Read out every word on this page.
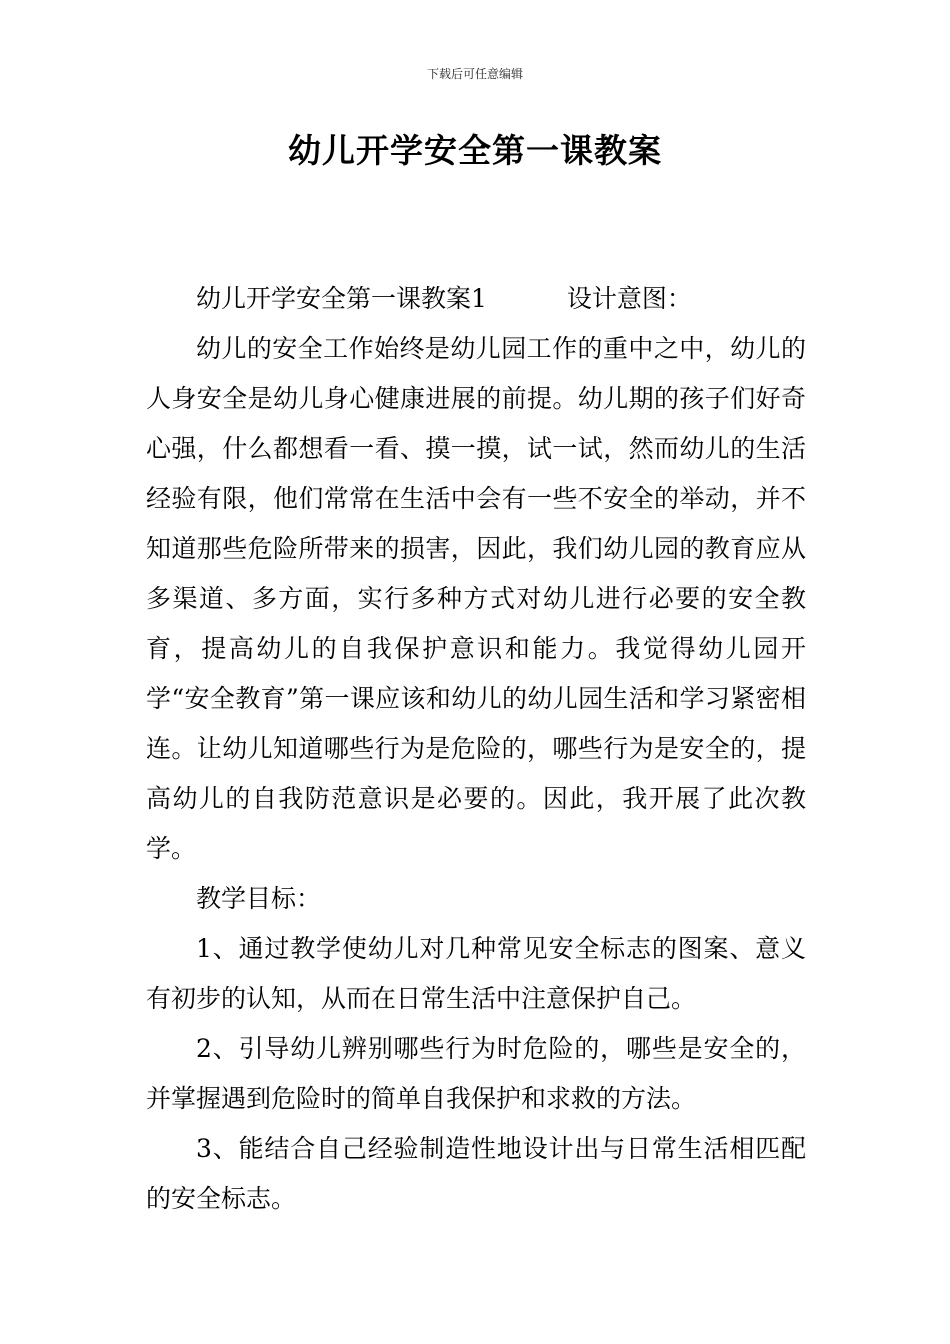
下载后可任意编辑
幼儿开学安全第一课教案

幼儿开学安全第一课教案1	设计意图：

幼儿的安全工作始终是幼儿园工作的重中之中，幼儿的人身安全是幼儿身心健康进展的前提。幼儿期的孩子们好奇心强，什么都想看一看、摸一摸，试一试，然而幼儿的生活经验有限，他们常常在生活中会有一些不安全的举动，并不知道那些危险所带来的损害，因此，我们幼儿园的教育应从多渠道、多方面，实行多种方式对幼儿进行必要的安全教育，提高幼儿的自我保护意识和能力。我觉得幼儿园开学“安全教育”第一课应该和幼儿的幼儿园生活和学习紧密相连。让幼儿知道哪些行为是危险的，哪些行为是安全的，提高幼儿的自我防范意识是必要的。因此，我开展了此次教学。

教学目标：

1、通过教学使幼儿对几种常见安全标志的图案、意义有初步的认知，从而在日常生活中注意保护自己。

2、引导幼儿辨别哪些行为时危险的，哪些是安全的，并掌握遇到危险时的简单自我保护和求救的方法。

3、能结合自己经验制造性地设计出与日常生活相匹配的安全标志。
